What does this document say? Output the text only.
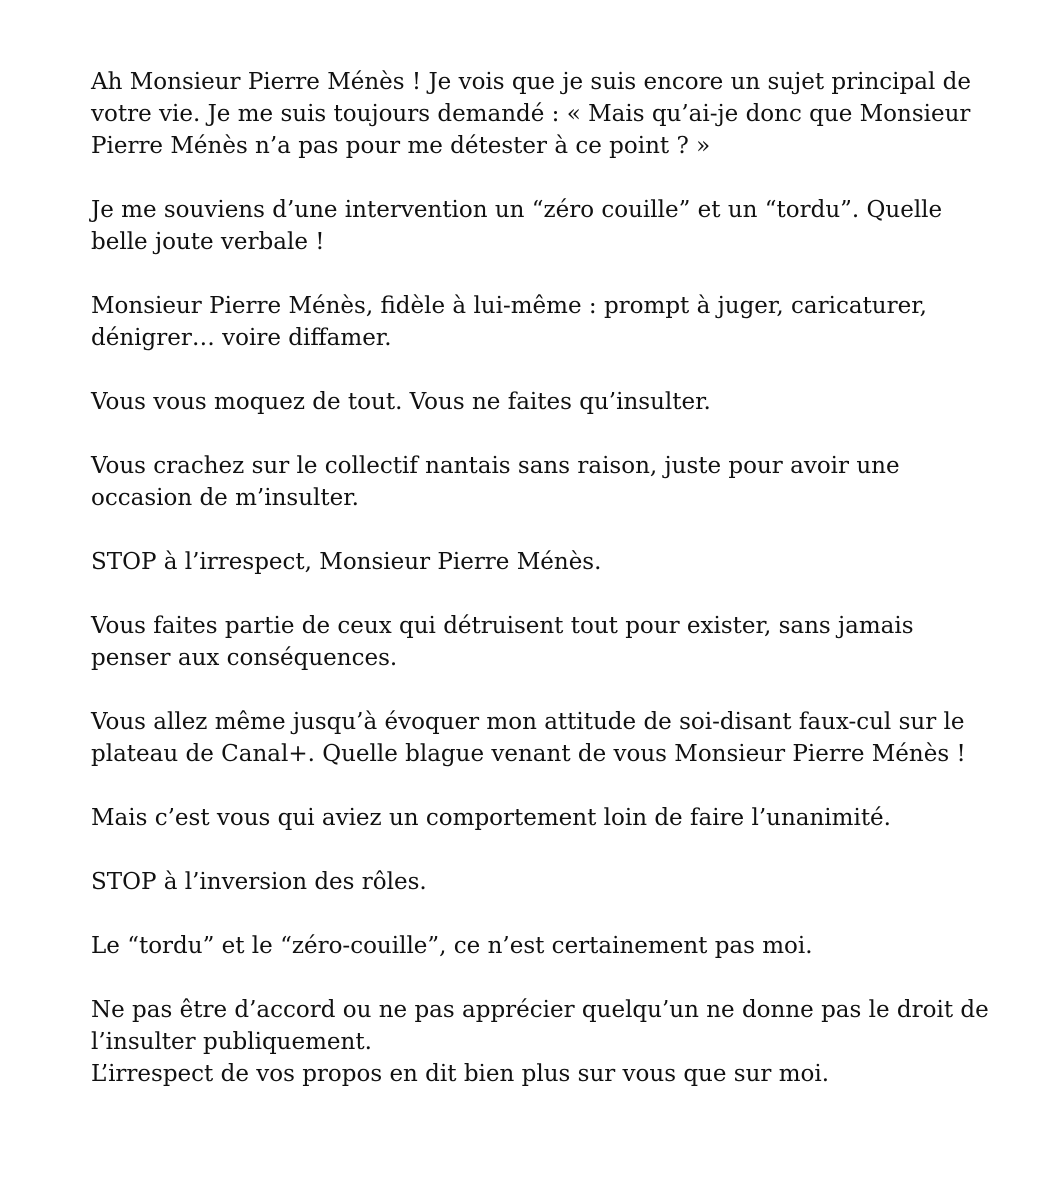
Ah Monsieur Pierre Ménès ! Je vois que je suis encore un sujet principal de
votre vie. Je me suis toujours demandé : « Mais qu’ai-je donc que Monsieur
Pierre Ménès n’a pas pour me détester à ce point ? »

Je me souviens d’une intervention un “zéro couille” et un “tordu”. Quelle
belle joute verbale !

Monsieur Pierre Ménès, fidèle à lui-même : prompt à juger, caricaturer,
dénigrer… voire diffamer.

Vous vous moquez de tout. Vous ne faites qu’insulter.

Vous crachez sur le collectif nantais sans raison, juste pour avoir une
occasion de m’insulter.

STOP à l’irrespect, Monsieur Pierre Ménès.

Vous faites partie de ceux qui détruisent tout pour exister, sans jamais
penser aux conséquences.

Vous allez même jusqu’à évoquer mon attitude de soi-disant faux-cul sur le
plateau de Canal+. Quelle blague venant de vous Monsieur Pierre Ménès !

Mais c’est vous qui aviez un comportement loin de faire l’unanimité.

STOP à l’inversion des rôles.

Le “tordu” et le “zéro-couille”, ce n’est certainement pas moi.

Ne pas être d’accord ou ne pas apprécier quelqu’un ne donne pas le droit de
l’insulter publiquement.

L’irrespect de vos propos en dit bien plus sur vous que sur moi.
